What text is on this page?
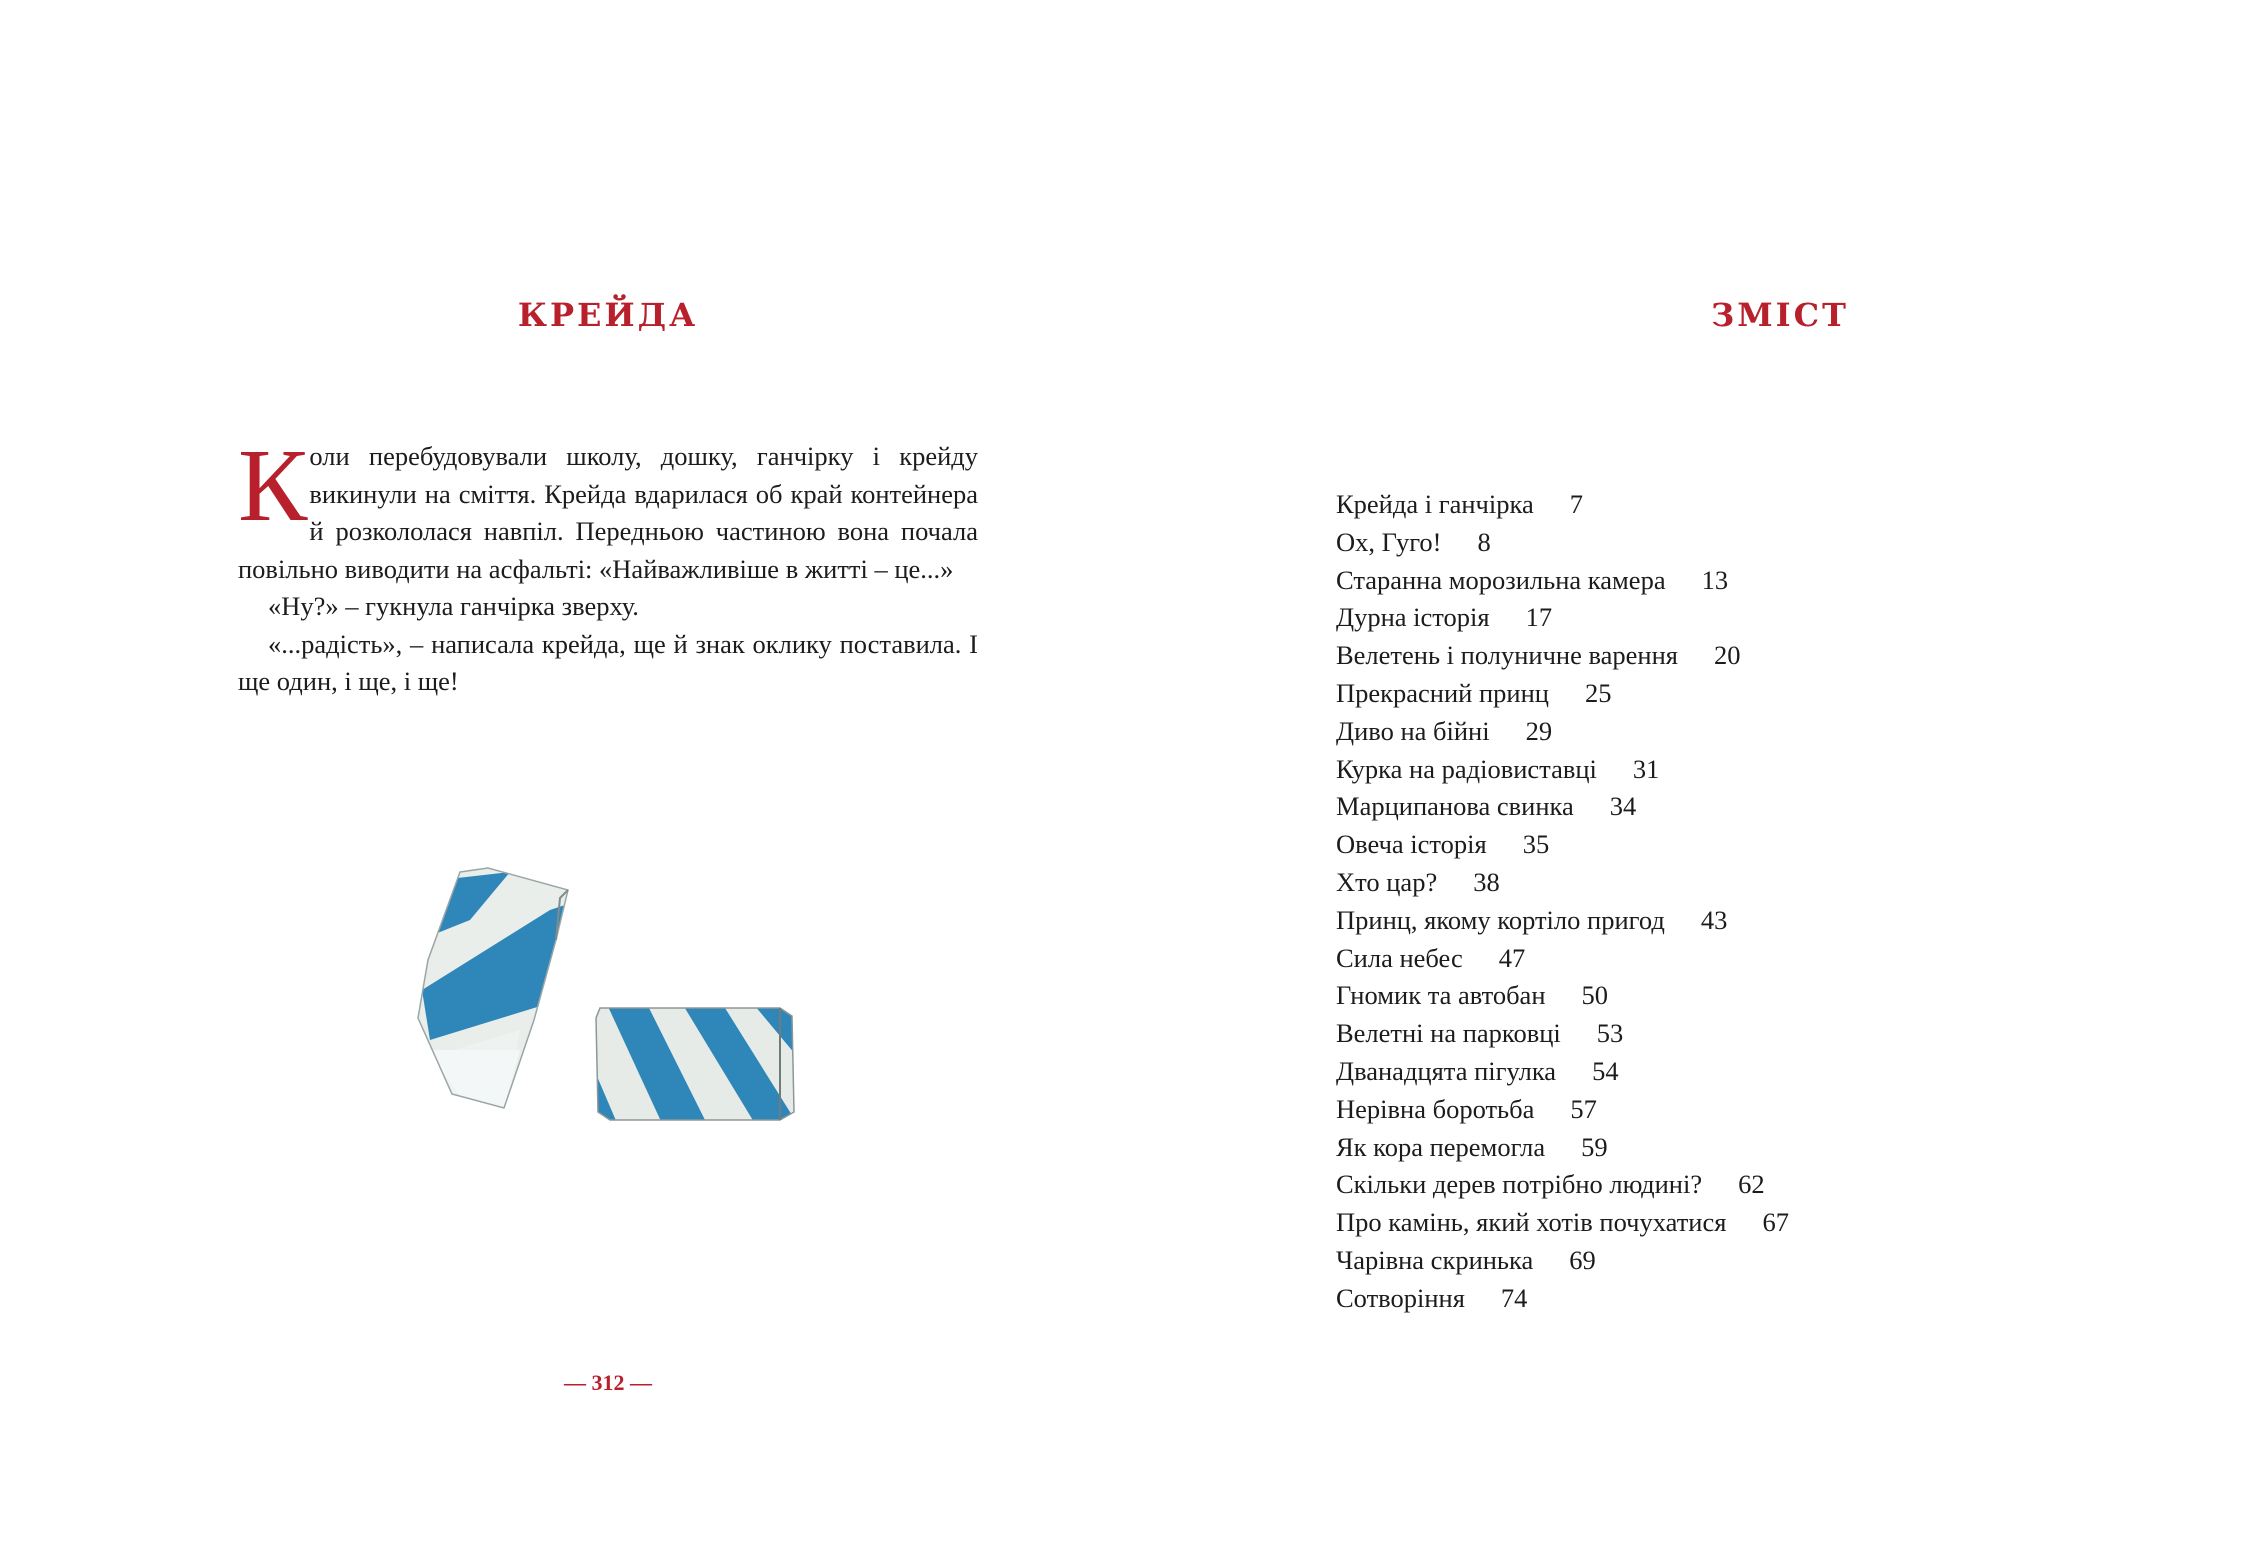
КРЕЙДА

Коли перебудовували школу, дошку, ганчірку і крейду викинули на сміття. Крейда вдарилася об край контейнера й розкололася навпіл. Передньою частиною вона почала повільно виводити на асфальті: «Найважливіше в житті – це...»

«Ну?» – гукнула ганчірка зверху.

«...радість», – написала крейда, ще й знак оклику поставила. І ще один, і ще, і ще!

— 312 —

ЗМІСТ
Крейда і ганчірка 7
Ох, Гуго! 8
Старанна морозильна камера 13
Дурна історія 17
Велетень і полуничне варення 20
Прекрасний принц 25
Диво на бійні 29
Курка на радіовиставці 31
Марципанова свинка 34
Овеча історія 35
Хто цар? 38
Принц, якому кортіло пригод 43
Сила небес 47
Гномик та автобан 50
Велетні на парковці 53
Дванадцята пігулка 54
Нерівна боротьба 57
Як кора перемогла 59
Скільки дерев потрібно людині? 62
Про камінь, який хотів почухатися 67
Чарівна скринька 69
Сотворіння 74
